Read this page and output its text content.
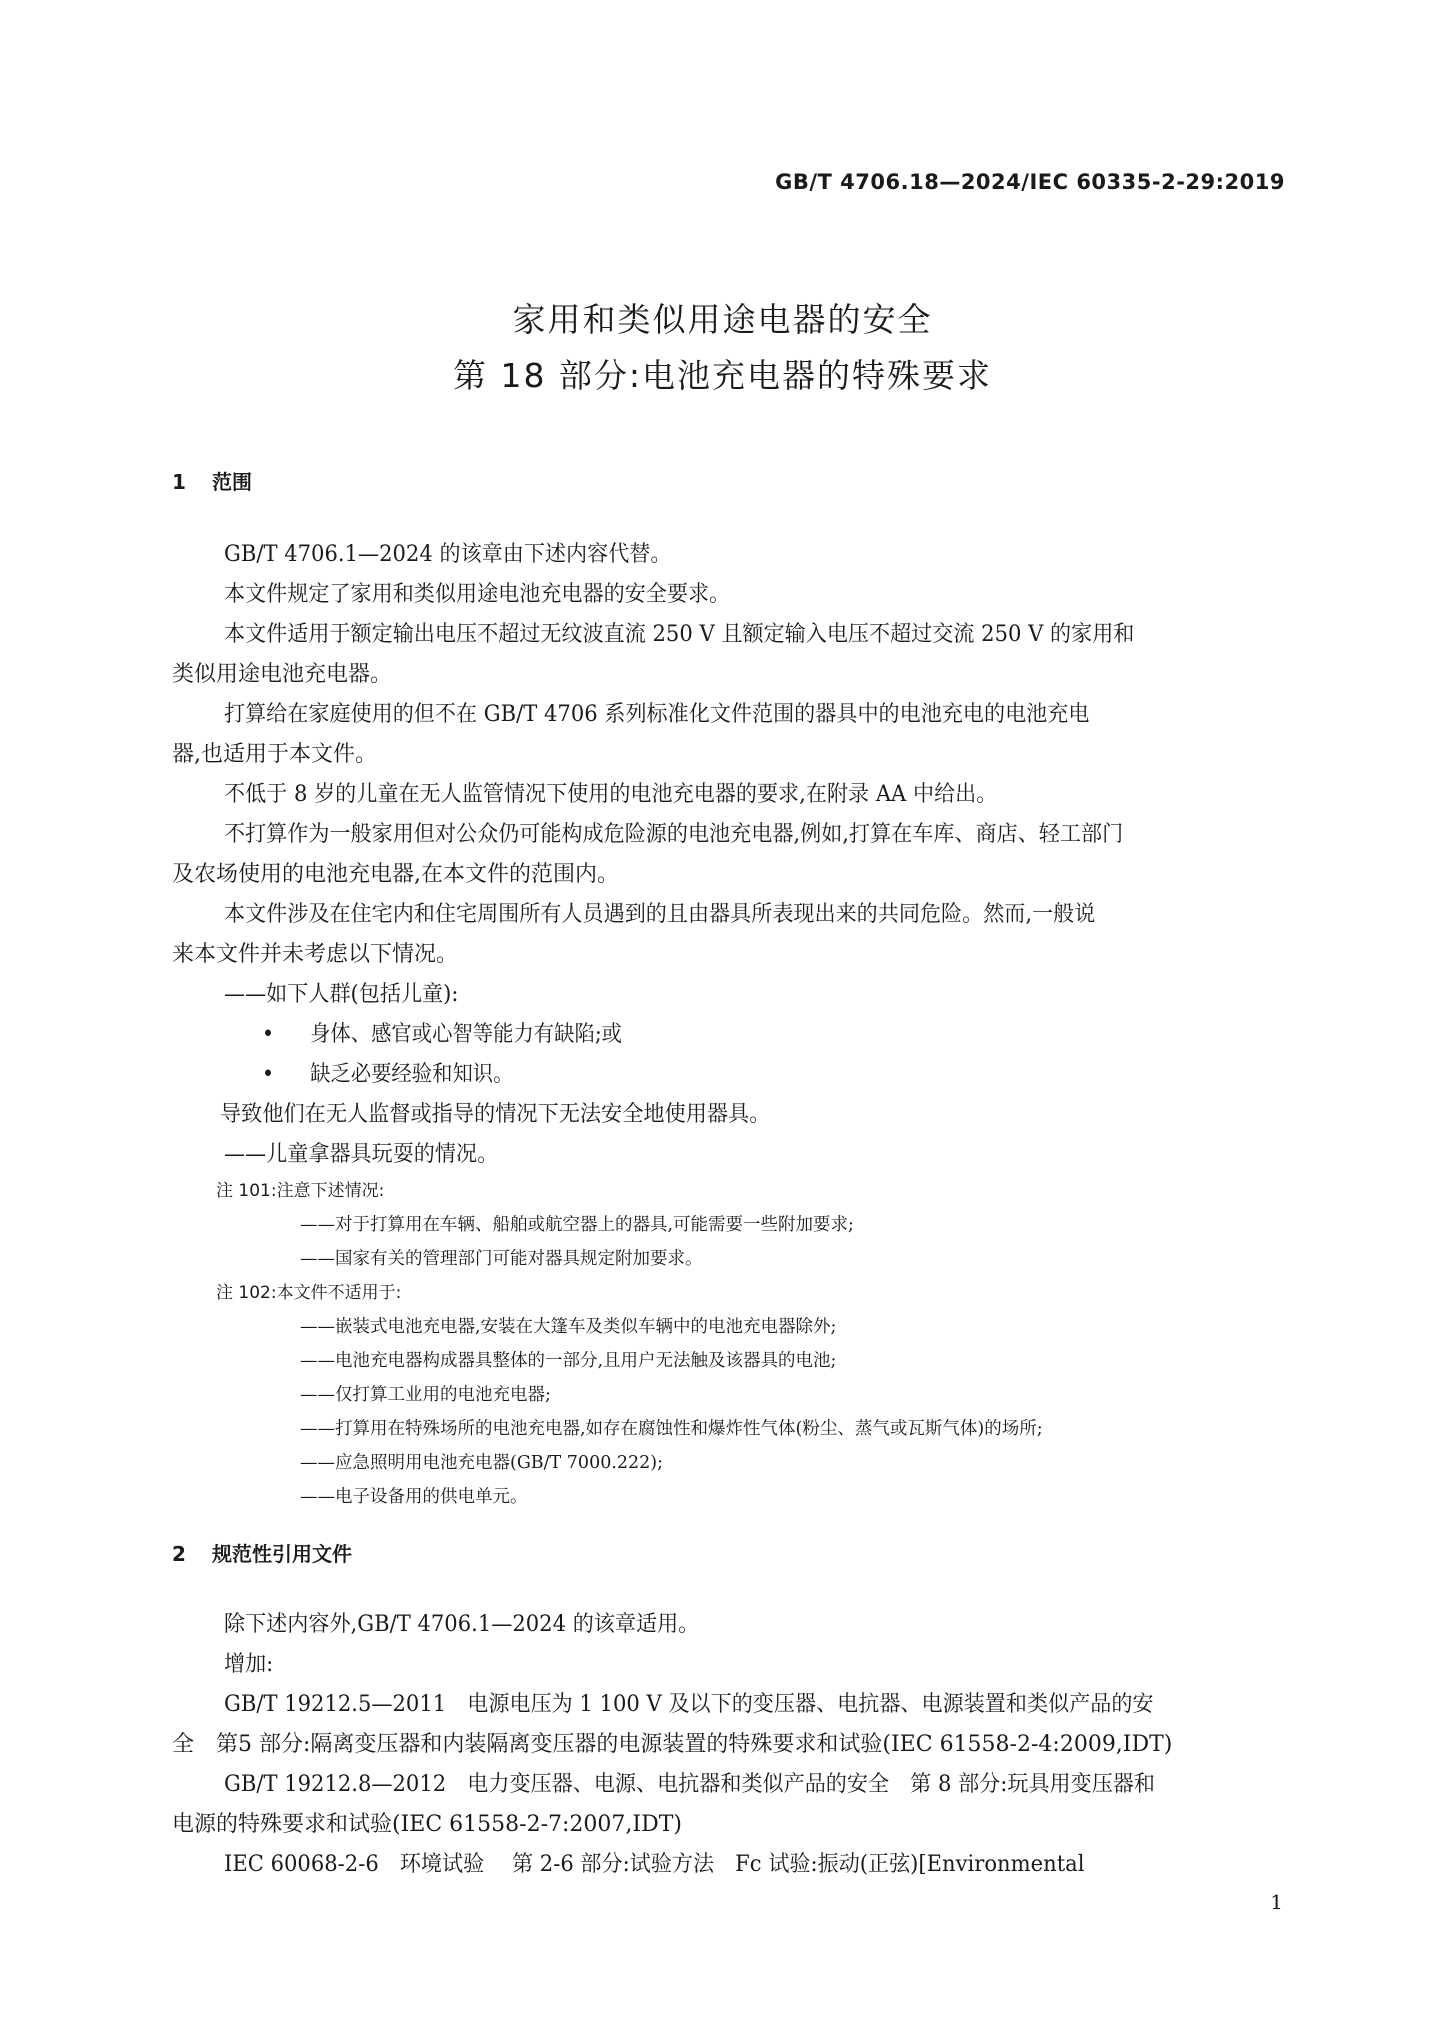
GB/T 4706.18—2024/IEC 60335-2-29:2019
家用和类似用途电器的安全
第 18 部分:电池充电器的特殊要求
1 范围
GB/T 4706.1—2024 的该章由下述内容代替。
本文件规定了家用和类似用途电池充电器的安全要求。
本文件适用于额定输出电压不超过无纹波直流 250 V 且额定输入电压不超过交流 250 V 的家用和
类似用途电池充电器。
打算给在家庭使用的但不在 GB/T 4706 系列标准化文件范围的器具中的电池充电的电池充电
器,也适用于本文件。
不低于 8 岁的儿童在无人监管情况下使用的电池充电器的要求,在附录 AA 中给出。
不打算作为一般家用但对公众仍可能构成危险源的电池充电器,例如,打算在车库、商店、轻工部门
及农场使用的电池充电器,在本文件的范围内。
本文件涉及在住宅内和住宅周围所有人员遇到的且由器具所表现出来的共同危险。然而,一般说
来本文件并未考虑以下情况。
——如下人群(包括儿童):
• 身体、感官或心智等能力有缺陷;或
• 缺乏必要经验和知识。
导致他们在无人监督或指导的情况下无法安全地使用器具。
——儿童拿器具玩耍的情况。
注 101:注意下述情况:
——对于打算用在车辆、船舶或航空器上的器具,可能需要一些附加要求;
——国家有关的管理部门可能对器具规定附加要求。
注 102:本文件不适用于:
——嵌装式电池充电器,安装在大篷车及类似车辆中的电池充电器除外;
——电池充电器构成器具整体的一部分,且用户无法触及该器具的电池;
——仅打算工业用的电池充电器;
——打算用在特殊场所的电池充电器,如存在腐蚀性和爆炸性气体(粉尘、蒸气或瓦斯气体)的场所;
——应急照明用电池充电器(GB/T 7000.222);
——电子设备用的供电单元。
2 规范性引用文件
除下述内容外,GB/T 4706.1—2024 的该章适用。
增加:
GB/T 19212.5—2011　电源电压为 1 100 V 及以下的变压器、电抗器、电源装置和类似产品的安
全　第5 部分:隔离变压器和内装隔离变压器的电源装置的特殊要求和试验(IEC 61558-2-4:2009,IDT)
GB/T 19212.8—2012　电力变压器、电源、电抗器和类似产品的安全　第 8 部分:玩具用变压器和
电源的特殊要求和试验(IEC 61558-2-7:2007,IDT)
IEC 60068-2-6　环境试验　 第 2-6 部分:试验方法　Fc 试验:振动(正弦)[Environmental
1
